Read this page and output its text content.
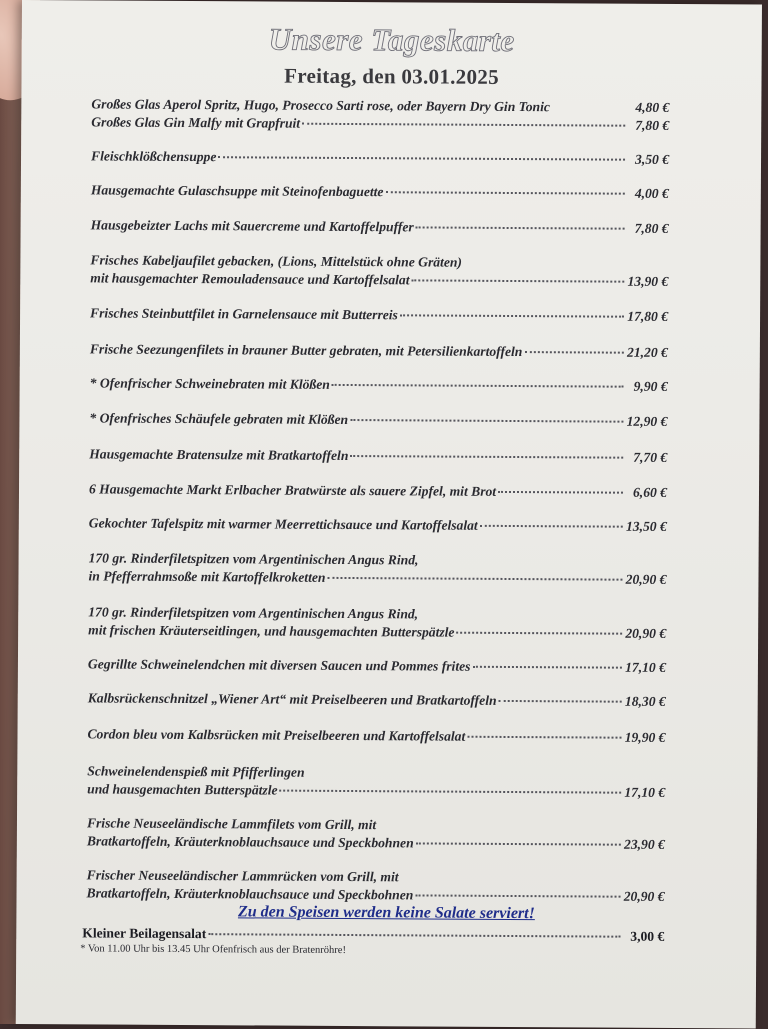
Unsere Tageskarte
Freitag, den 03.01.2025
Großes Glas Aperol Spritz, Hugo, Prosecco Sarti rose, oder Bayern Dry Gin Tonic	4,80 €
Großes Glas Gin Malfy mit Grapfruit	7,80 €
Fleischklößchensuppe	3,50 €
Hausgemachte Gulaschsuppe mit Steinofenbaguette	4,00 €
Hausgebeizter Lachs mit Sauercreme und Kartoffelpuffer	7,80 €
Frisches Kabeljaufilet gebacken, (Lions, Mittelstück ohne Gräten)
mit hausgemachter Remouladensauce und Kartoffelsalat	13,90 €
Frisches Steinbuttfilet in Garnelensauce mit Butterreis	17,80 €
Frische Seezungenfilets in brauner Butter gebraten, mit Petersilienkartoffeln	21,20 €
* Ofenfrischer Schweinebraten mit Klößen	9,90 €
* Ofenfrisches Schäufele gebraten mit Klößen	12,90 €
Hausgemachte Bratensulze mit Bratkartoffeln	7,70 €
6 Hausgemachte Markt Erlbacher Bratwürste als sauere Zipfel, mit Brot	6,60 €
Gekochter Tafelspitz mit warmer Meerrettichsauce und Kartoffelsalat	13,50 €
170 gr. Rinderfiletspitzen vom Argentinischen Angus Rind,
in Pfefferrahmsoße mit Kartoffelkroketten	20,90 €
170 gr. Rinderfiletspitzen vom Argentinischen Angus Rind,
mit frischen Kräuterseitlingen, und hausgemachten Butterspätzle	20,90 €
Gegrillte Schweinelendchen mit diversen Saucen und Pommes frites	17,10 €
Kalbsrückenschnitzel „Wiener Art“ mit Preiselbeeren und Bratkartoffeln	18,30 €
Cordon bleu vom Kalbsrücken mit Preiselbeeren und Kartoffelsalat	19,90 €
Schweinelendenspieß mit Pfifferlingen
und hausgemachten Butterspätzle	17,10 €
Frische Neuseeländische Lammfilets vom Grill, mit
Bratkartoffeln, Kräuterknoblauchsauce und Speckbohnen	23,90 €
Frischer Neuseeländischer Lammrücken vom Grill, mit
Bratkartoffeln, Kräuterknoblauchsauce und Speckbohnen	20,90 €
Zu den Speisen werden keine Salate serviert!
Kleiner Beilagensalat	3,00 €
* Von 11.00 Uhr bis 13.45 Uhr Ofenfrisch aus der Bratenröhre!
